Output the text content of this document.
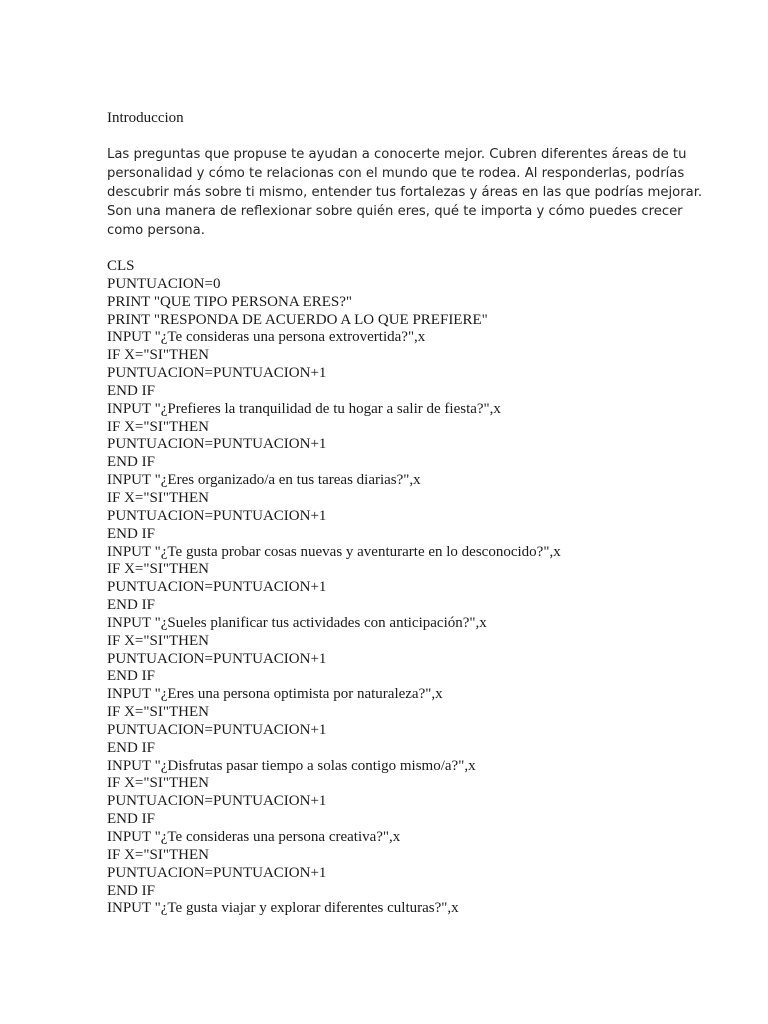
Introduccion
Las preguntas que propuse te ayudan a conocerte mejor. Cubren diferentes áreas de tu
personalidad y cómo te relacionas con el mundo que te rodea. Al responderlas, podrías
descubrir más sobre ti mismo, entender tus fortalezas y áreas en las que podrías mejorar.
Son una manera de reflexionar sobre quién eres, qué te importa y cómo puedes crecer
como persona.
CLS
PUNTUACION=0
PRINT "QUE TIPO PERSONA ERES?"
PRINT "RESPONDA DE ACUERDO A LO QUE PREFIERE"
INPUT "¿Te consideras una persona extrovertida?",x
IF X="SI"THEN
PUNTUACION=PUNTUACION+1
END IF
INPUT "¿Prefieres la tranquilidad de tu hogar a salir de fiesta?",x
IF X="SI"THEN
PUNTUACION=PUNTUACION+1
END IF
INPUT "¿Eres organizado/a en tus tareas diarias?",x
IF X="SI"THEN
PUNTUACION=PUNTUACION+1
END IF
INPUT "¿Te gusta probar cosas nuevas y aventurarte en lo desconocido?",x
IF X="SI"THEN
PUNTUACION=PUNTUACION+1
END IF
INPUT "¿Sueles planificar tus actividades con anticipación?",x
IF X="SI"THEN
PUNTUACION=PUNTUACION+1
END IF
INPUT "¿Eres una persona optimista por naturaleza?",x
IF X="SI"THEN
PUNTUACION=PUNTUACION+1
END IF
INPUT "¿Disfrutas pasar tiempo a solas contigo mismo/a?",x
IF X="SI"THEN
PUNTUACION=PUNTUACION+1
END IF
INPUT "¿Te consideras una persona creativa?",x
IF X="SI"THEN
PUNTUACION=PUNTUACION+1
END IF
INPUT "¿Te gusta viajar y explorar diferentes culturas?",x
